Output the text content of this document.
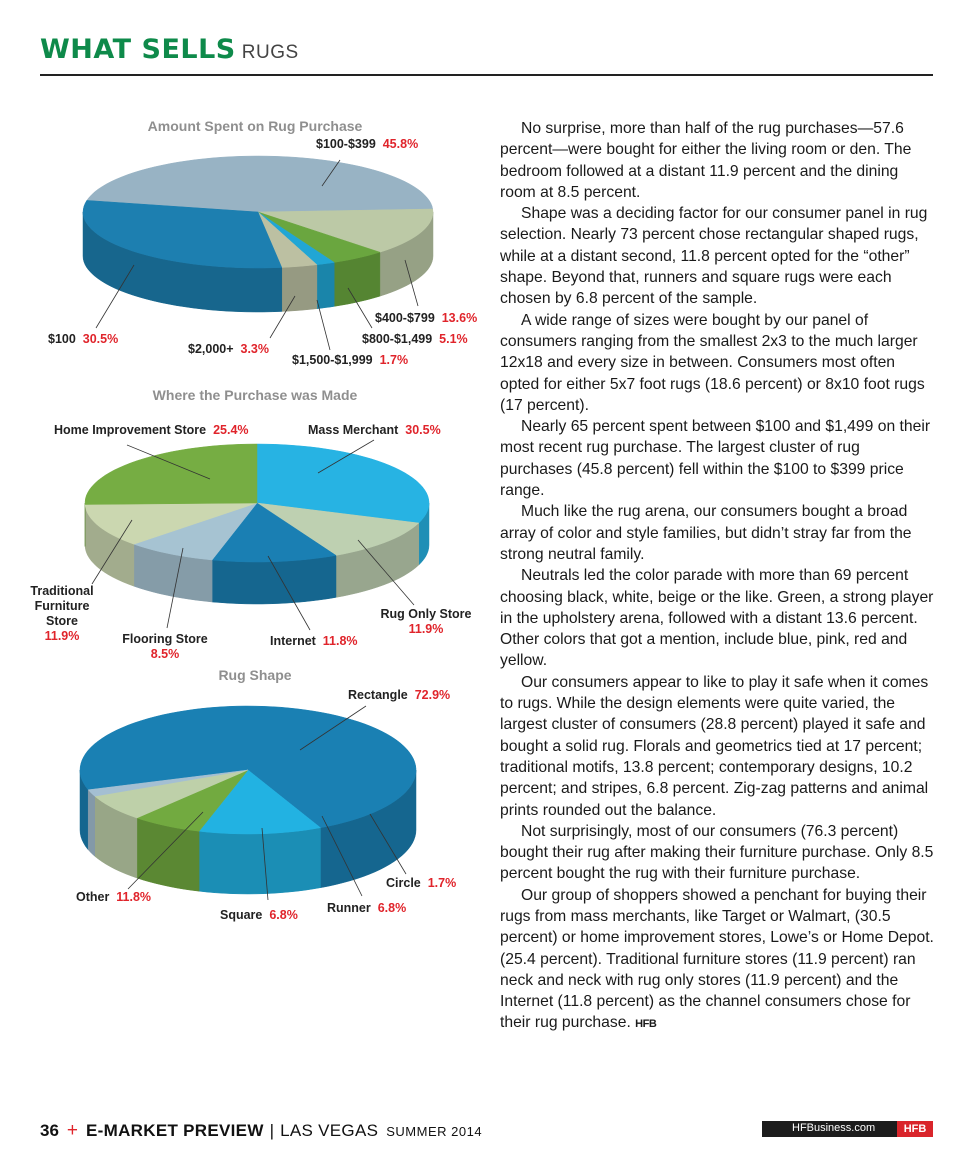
WHAT SELLS RUGS
Amount Spent on Rug Purchase
Where the Purchase was Made
Rug Shape
$100-$399 45.8%
$400-$799 13.6%
$800-$1,499 5.1%
$1,500-$1,999 1.7%
$2,000+ 3.3%
$100 30.5%
Home Improvement Store 25.4%	Mass Merchant 30.5%
Traditional
Furniture
Store
11.9%	Flooring Store
8.5%
Internet 11.8%
Rug Only Store
11.9%
Rectangle 72.9%
Other 11.8%
Square 6.8% Runner 6.8%
Circle 1.7%

No surprise, more than half of the rug purchases—57.6 percent—were bought for either the living room or den. The bedroom followed at a distant 11.9 percent and the dining room at 8.5 percent.

Shape was a deciding factor for our consumer panel in rug selection. Nearly 73 percent chose rectangular shaped rugs, while at a distant second, 11.8 percent opted for the “other” shape. Beyond that, runners and square rugs were each chosen by 6.8 percent of the sample.

A wide range of sizes were bought by our panel of consumers ranging from the smallest 2x3 to the much larger 12x18 and every size in between. Consumers most often opted for either 5x7 foot rugs (18.6 percent) or 8x10 foot rugs (17 percent).

Nearly 65 percent spent between $100 and $1,499 on their most recent rug purchase. The largest cluster of rug purchases (45.8 percent) fell within the $100 to $399 price range.

Much like the rug arena, our consumers bought a broad array of color and style families, but didn’t stray far from the strong neutral family.

Neutrals led the color parade with more than 69 percent choosing black, white, beige or the like. Green, a strong player in the upholstery arena, followed with a distant 13.6 percent. Other colors that got a mention, include blue, pink, red and yellow.

Our consumers appear to like to play it safe when it comes to rugs. While the design elements were quite varied, the largest cluster of consumers (28.8 percent) played it safe and bought a solid rug. Florals and geometrics tied at 17 percent; traditional motifs, 13.8 percent; contemporary designs, 10.2 percent; and stripes, 6.8 percent. Zig-zag patterns and animal prints rounded out the balance.

Not surprisingly, most of our consumers (76.3 percent) bought their rug after making their furniture purchase. Only 8.5 percent bought the rug with their furniture purchase.

Our group of shoppers showed a penchant for buying their rugs from mass merchants, like Target or Walmart, (30.5 percent) or home improvement stores, Lowe’s or Home Depot. (25.4 percent). Traditional furniture stores (11.9 percent) ran neck and neck with rug only stores (11.9 percent) and the Internet (11.8 percent) as the channel consumers chose for their rug purchase. HFB

36 + E-MARKET PREVIEW | LAS VEGAS SUMMER 2014	HFBusiness.com	HFB
